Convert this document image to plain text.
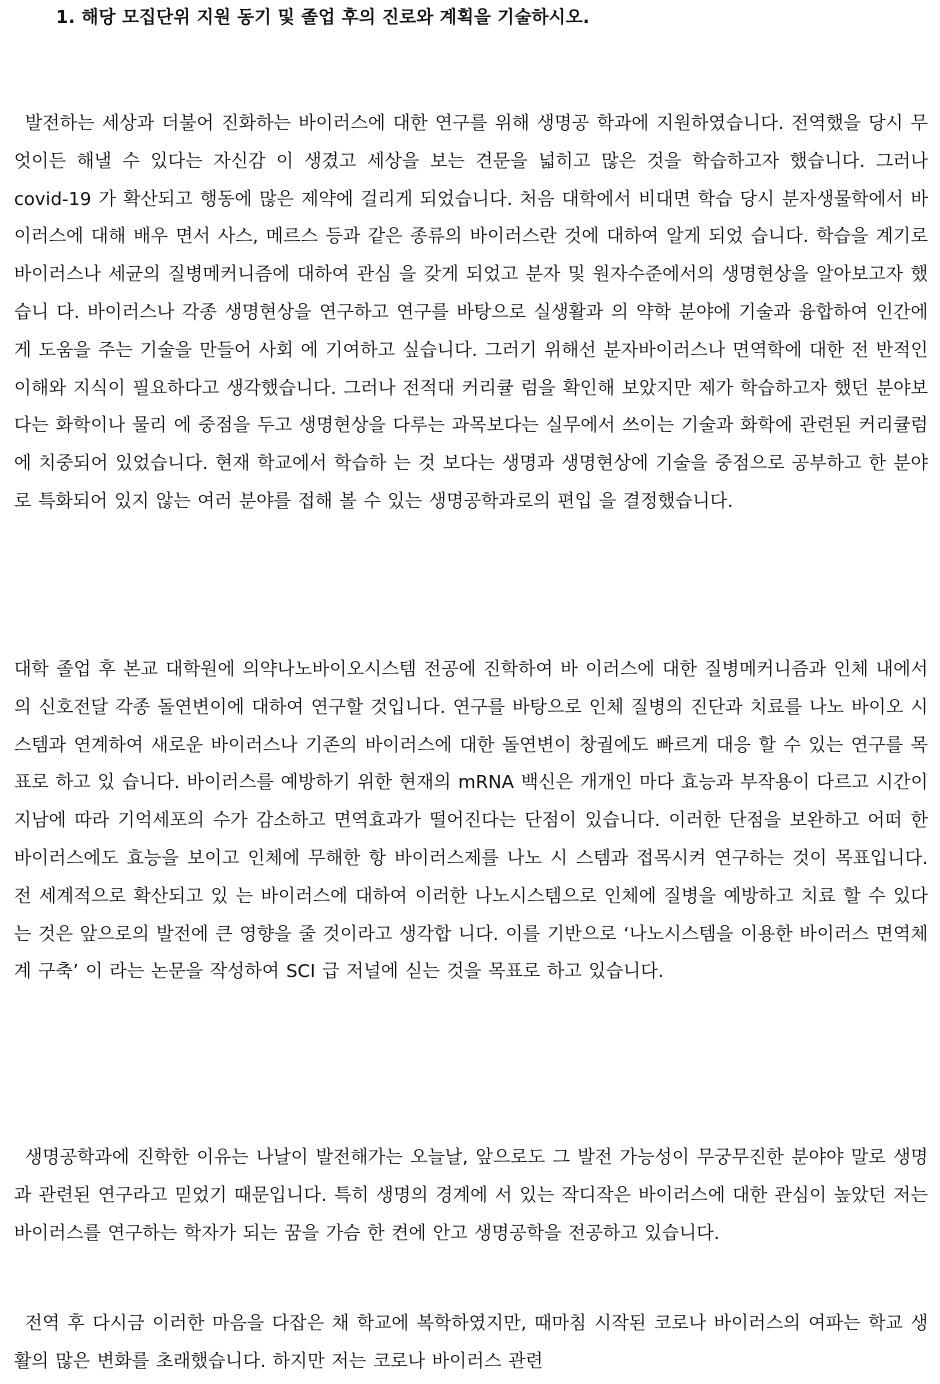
1. 해당 모집단위 지원 동기 및 졸업 후의 진로와 계획을 기술하시오.

발전하는 세상과 더불어 진화하는 바이러스에 대한 연구를 위해 생명공 학과에 지원하였습니다. 전역했을 당시 무엇이든 해낼 수 있다는 자신감 이 생겼고 세상을 보는 견문을 넓히고 많은 것을 학습하고자 했습니다. 그러나 covid-19 가 확산되고 행동에 많은 제약에 걸리게 되었습니다. 처음 대학에서 비대면 학습 당시 분자생물학에서 바이러스에 대해 배우 면서 사스, 메르스 등과 같은 종류의 바이러스란 것에 대하여 알게 되었 습니다. 학습을 계기로 바이러스나 세균의 질병메커니즘에 대하여 관심 을 갖게 되었고 분자 및 원자수준에서의 생명현상을 알아보고자 했습니 다. 바이러스나 각종 생명현상을 연구하고 연구를 바탕으로 실생활과 의 약학 분야에 기술과 융합하여 인간에게 도움을 주는 기술을 만들어 사회 에 기여하고 싶습니다. 그러기 위해선 분자바이러스나 면역학에 대한 전 반적인 이해와 지식이 필요하다고 생각했습니다. 그러나 전적대 커리큘 럼을 확인해 보았지만 제가 학습하고자 했던 분야보다는 화학이나 물리 에 중점을 두고 생명현상을 다루는 과목보다는 실무에서 쓰이는 기술과 화학에 관련된 커리큘럼에 치중되어 있었습니다. 현재 학교에서 학습하 는 것 보다는 생명과 생명현상에 기술을 중점으로 공부하고 한 분야로 특화되어 있지 않는 여러 분야를 접해 볼 수 있는 생명공학과로의 편입 을 결정했습니다.

대학 졸업 후 본교 대학원에 의약나노바이오시스템 전공에 진학하여 바 이러스에 대한 질병메커니즘과 인체 내에서의 신호전달 각종 돌연변이에 대하여 연구할 것입니다. 연구를 바탕으로 인체 질병의 진단과 치료를 나노 바이오 시스템과 연계하여 새로운 바이러스나 기존의 바이러스에 대한 돌연변이 창궐에도 빠르게 대응 할 수 있는 연구를 목표로 하고 있 습니다. 바이러스를 예방하기 위한 현재의 mRNA 백신은 개개인 마다 효능과 부작용이 다르고 시간이 지남에 따라 기억세포의 수가 감소하고 면역효과가 떨어진다는 단점이 있습니다. 이러한 단점을 보완하고 어떠 한 바이러스에도 효능을 보이고 인체에 무해한 항 바이러스제를 나노 시 스템과 접목시켜 연구하는 것이 목표입니다. 전 세계적으로 확산되고 있 는 바이러스에 대하여 이러한 나노시스템으로 인체에 질병을 예방하고 치료 할 수 있다는 것은 앞으로의 발전에 큰 영향을 줄 것이라고 생각합 니다. 이를 기반으로 ‘나노시스템을 이용한 바이러스 면역체계 구축’ 이 라는 논문을 작성하여 SCI 급 저널에 싣는 것을 목표로 하고 있습니다.

생명공학과에 진학한 이유는 나날이 발전해가는 오늘날, 앞으로도 그 발전 가능성이 무궁무진한 분야야 말로 생명과 관련된 연구라고 믿었기 때문입니다. 특히 생명의 경계에 서 있는 작디작은 바이러스에 대한 관심이 높았던 저는 바이러스를 연구하는 학자가 되는 꿈을 가슴 한 켠에 안고 생명공학을 전공하고 있습니다.

전역 후 다시금 이러한 마음을 다잡은 채 학교에 복학하였지만, 때마침 시작된 코로나 바이러스의 여파는 학교 생활의 많은 변화를 초래했습니다. 하지만 저는 코로나 바이러스 관련
